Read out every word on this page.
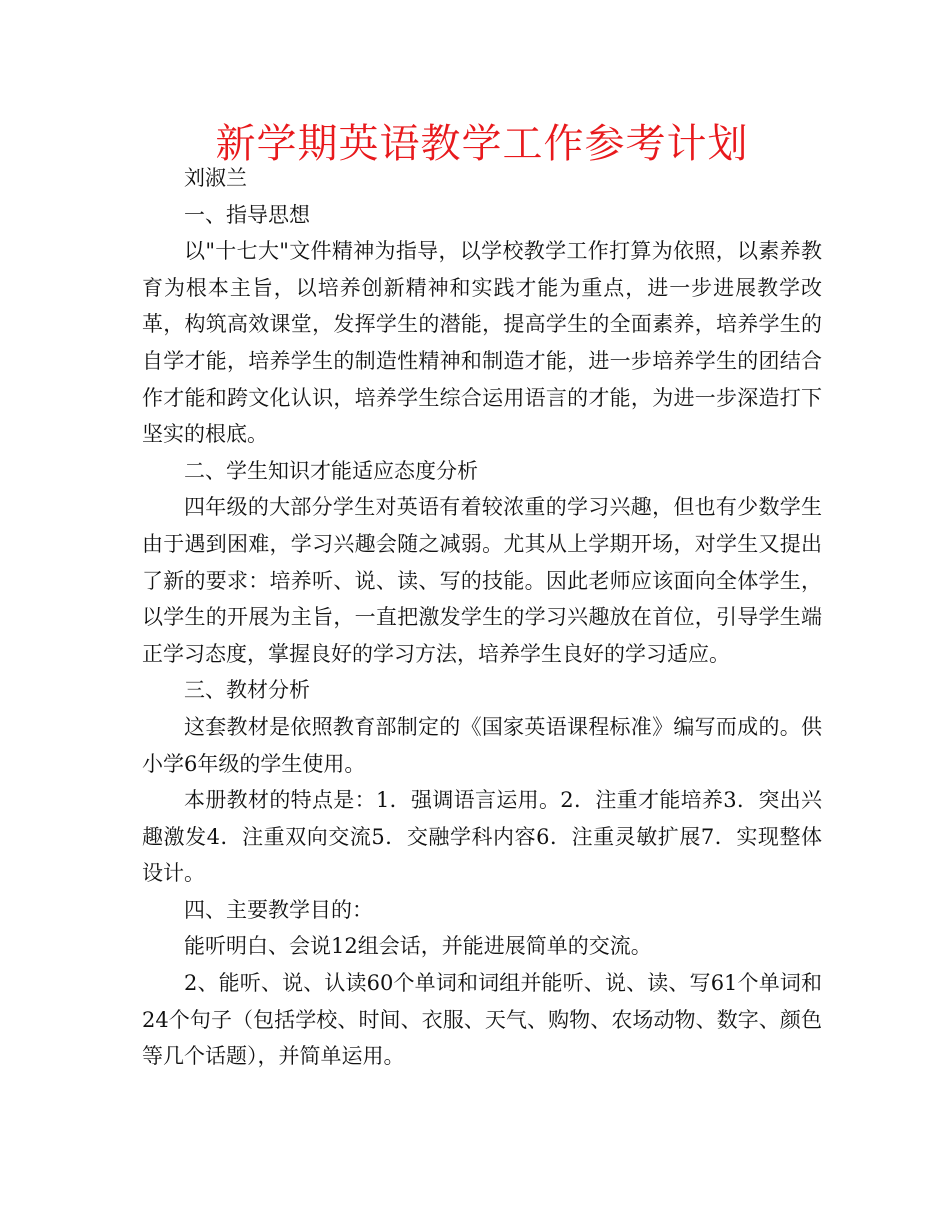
新学期英语教学工作参考计划

刘淑兰

一、指导思想

以"十七大"文件精神为指导，以学校教学工作打算为依照，以素养教育为根本主旨，以培养创新精神和实践才能为重点，进一步进展教学改革，构筑高效课堂，发挥学生的潜能，提高学生的全面素养，培养学生的自学才能，培养学生的制造性精神和制造才能，进一步培养学生的团结合作才能和跨文化认识，培养学生综合运用语言的才能，为进一步深造打下坚实的根底。

二、学生知识才能适应态度分析

四年级的大部分学生对英语有着较浓重的学习兴趣，但也有少数学生由于遇到困难，学习兴趣会随之减弱。尤其从上学期开场，对学生又提出了新的要求：培养听、说、读、写的技能。因此老师应该面向全体学生，以学生的开展为主旨，一直把激发学生的学习兴趣放在首位，引导学生端正学习态度，掌握良好的学习方法，培养学生良好的学习适应。

三、教材分析

这套教材是依照教育部制定的《国家英语课程标准》编写而成的。供小学6年级的学生使用。

本册教材的特点是：1．强调语言运用。2．注重才能培养3．突出兴趣激发4．注重双向交流5．交融学科内容6．注重灵敏扩展7．实现整体设计。

四、主要教学目的：

能听明白、会说12组会话，并能进展简单的交流。

2、能听、说、认读60个单词和词组并能听、说、读、写61个单词和24个句子（包括学校、时间、衣服、天气、购物、农场动物、数字、颜色等几个话题），并简单运用。
